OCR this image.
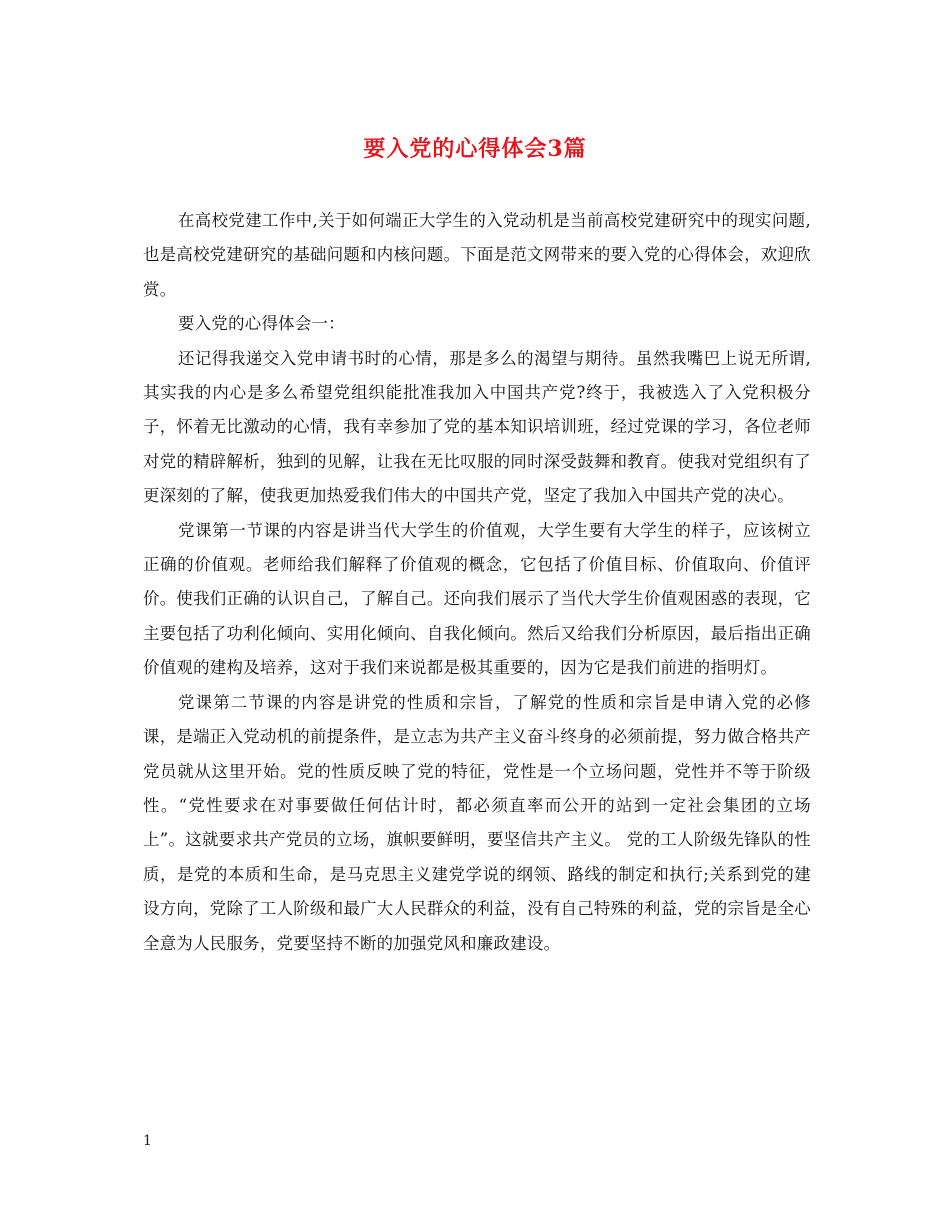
要入党的心得体会3篇

在高校党建工作中,关于如何端正大学生的入党动机是当前高校党建研究中的现实问题,也是高校党建研究的基础问题和内核问题。下面是范文网带来的要入党的心得体会，欢迎欣赏。

要入党的心得体会一：

还记得我递交入党申请书时的心情，那是多么的渴望与期待。虽然我嘴巴上说无所谓,其实我的内心是多么希望党组织能批准我加入中国共产党?终于，我被选入了入党积极分子，怀着无比激动的心情，我有幸参加了党的基本知识培训班，经过党课的学习，各位老师对党的精辟解析，独到的见解，让我在无比叹服的同时深受鼓舞和教育。使我对党组织有了更深刻的了解，使我更加热爱我们伟大的中国共产党，坚定了我加入中国共产党的决心。

党课第一节课的内容是讲当代大学生的价值观，大学生要有大学生的样子，应该树立正确的价值观。老师给我们解释了价值观的概念，它包括了价值目标、价值取向、价值评价。使我们正确的认识自己，了解自己。还向我们展示了当代大学生价值观困惑的表现，它主要包括了功利化倾向、实用化倾向、自我化倾向。然后又给我们分析原因，最后指出正确价值观的建构及培养，这对于我们来说都是极其重要的，因为它是我们前进的指明灯。

党课第二节课的内容是讲党的性质和宗旨，了解党的性质和宗旨是申请入党的必修课，是端正入党动机的前提条件，是立志为共产主义奋斗终身的必须前提，努力做合格共产党员就从这里开始。党的性质反映了党的特征，党性是一个立场问题，党性并不等于阶级性。“党性要求在对事要做任何估计时，都必须直率而公开的站到一定社会集团的立场上”。这就要求共产党员的立场，旗帜要鲜明，要坚信共产主义。 党的工人阶级先锋队的性质，是党的本质和生命，是马克思主义建党学说的纲领、路线的制定和执行;关系到党的建设方向，党除了工人阶级和最广大人民群众的利益，没有自己特殊的利益，党的宗旨是全心全意为人民服务，党要坚持不断的加强党风和廉政建设。

1
